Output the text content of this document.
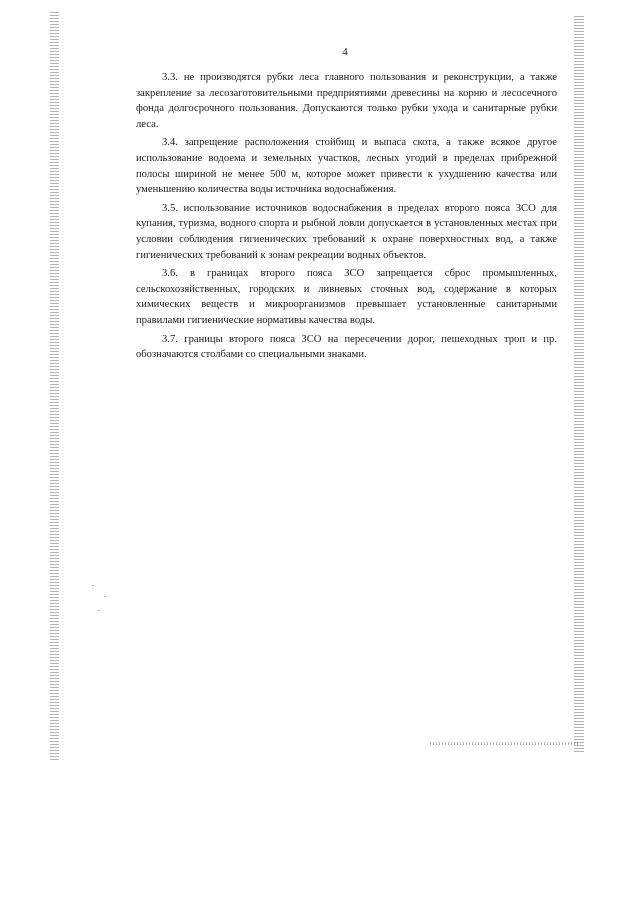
4

3.3. не производятся рубки леса главного пользования и реконструкции, а также закрепление за лесозаготовительными предприятиями древесины на корню и лесосечного фонда долгосрочного пользования. Допускаются только рубки ухода и санитарные рубки леса.

3.4. запрещение расположения стойбищ и выпаса скота, а также всякое другое использование водоема и земельных участков, лесных угодий в пределах прибрежной полосы шириной не менее 500 м, которое может привести к ухудшению качества или уменьшению количества воды источника водоснабжения.

3.5. использование источников водоснабжения в пределах второго пояса ЗСО для купания, туризма, водного спорта и рыбной ловли допускается в установленных местах при условии соблюдения гигиенических требований к охране поверхностных вод, а также гигиенических требований к зонам рекреации водных объектов.

3.6. в границах второго пояса ЗСО запрещается сброс промышленных, сельскохозяйственных, городских и ливневых сточных вод, содержание в которых химических веществ и микроорганизмов превышает установленные санитарными правилами гигиенические нормативы качества воды.

3.7. границы второго пояса ЗСО на пересечении дорог, пешеходных троп и пр. обозначаются столбами со специальными знаками.
